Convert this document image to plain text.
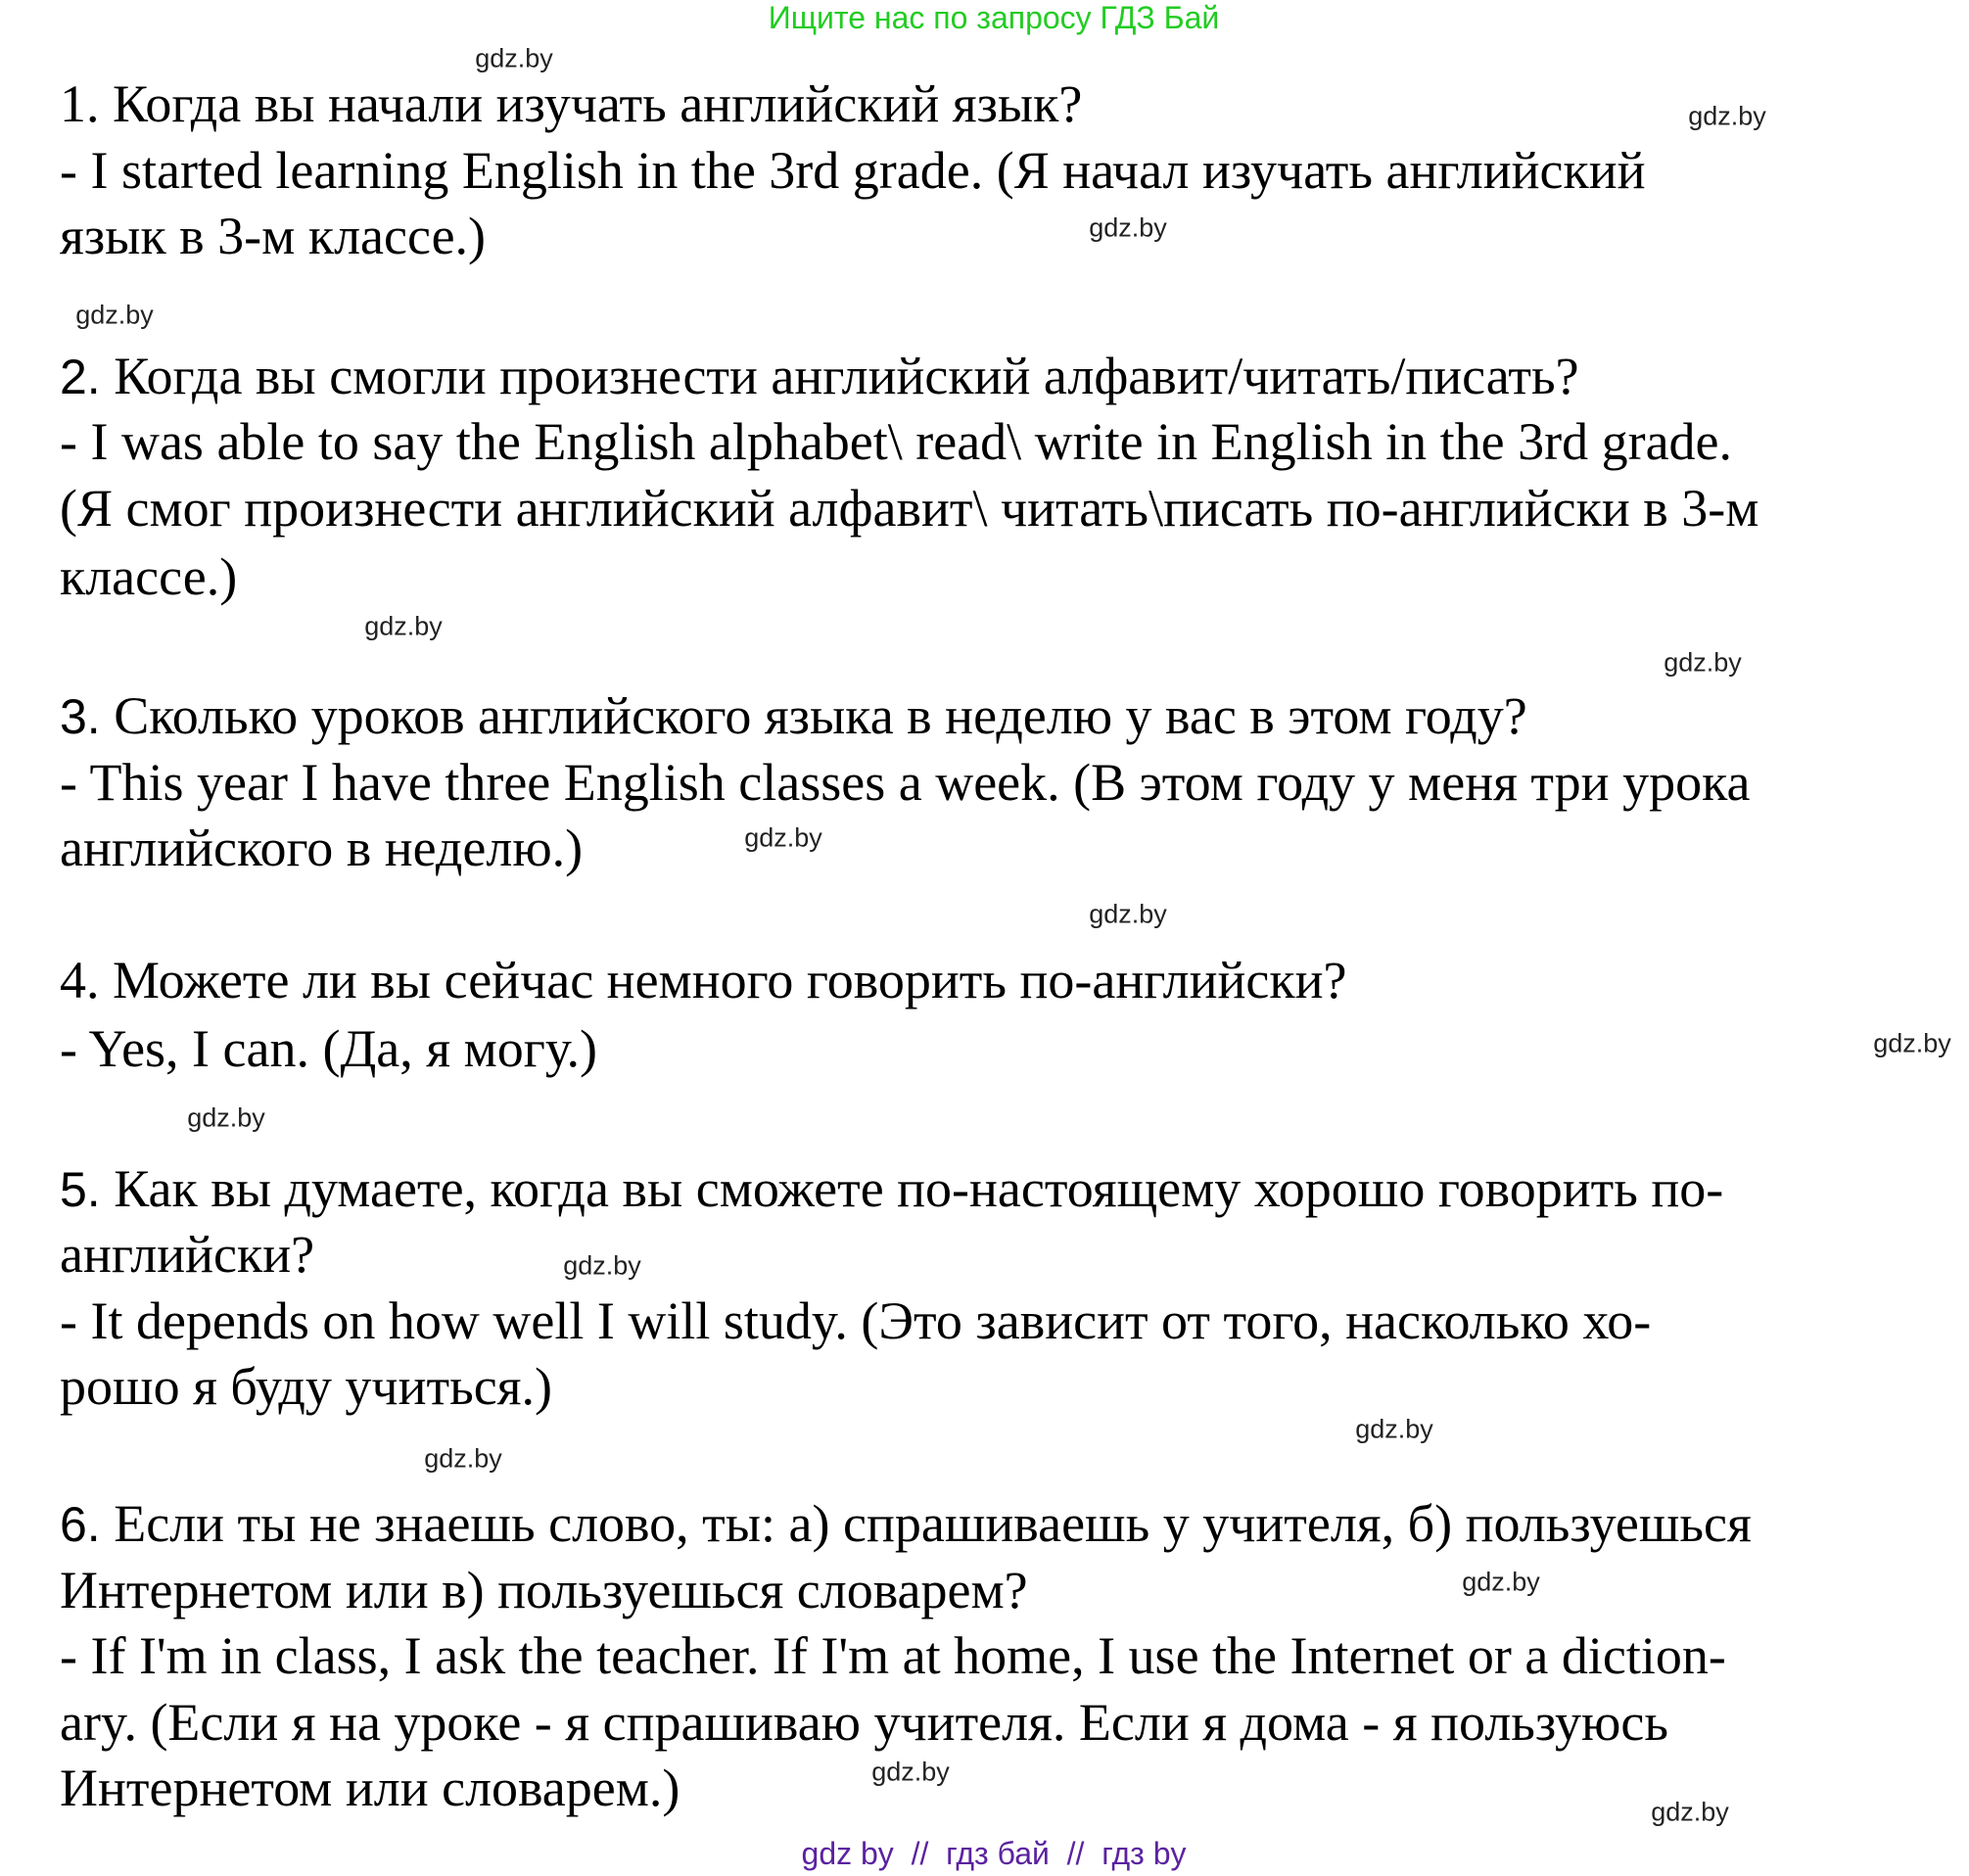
Ищите нас по запросу ГДЗ Бай
1. Когда вы начали изучать английский язык?
- I started learning English in the 3rd grade. (Я начал изучать английский
язык в 3-м классе.)
2. Когда вы смогли произнести английский алфавит/читать/писать?
- I was able to say the English alphabet\ read\ write in English in the 3rd grade.
(Я смог произнести английский алфавит\ читать\писать по-английски в 3-м
классе.)
3. Сколько уроков английского языка в неделю у вас в этом году?
- This year I have three English classes a week. (В этом году у меня три урока
английского в неделю.)
4. Можете ли вы сейчас немного говорить по-английски?
- Yes, I can. (Да, я могу.)
5. Как вы думаете, когда вы сможете по-настоящему хорошо говорить по-
английски?
- It depends on how well I will study. (Это зависит от того, насколько хо-
рошо я буду учиться.)
6. Если ты не знаешь слово, ты: а) спрашиваешь у учителя, б) пользуешься
Интернетом или в) пользуешься словарем?
- If I'm in class, I ask the teacher. If I'm at home, I use the Internet or a diction-
ary. (Если я на уроке - я спрашиваю учителя. Если я дома - я пользуюсь
Интернетом или словарем.)
gdz.by
gdz.by
gdz.by
gdz.by
gdz.by
gdz.by
gdz.by
gdz.by
gdz.by
gdz.by
gdz.by
gdz.by
gdz.by
gdz.by
gdz.by
gdz.by
gdz by  //  гдз бай  //  гдз by
